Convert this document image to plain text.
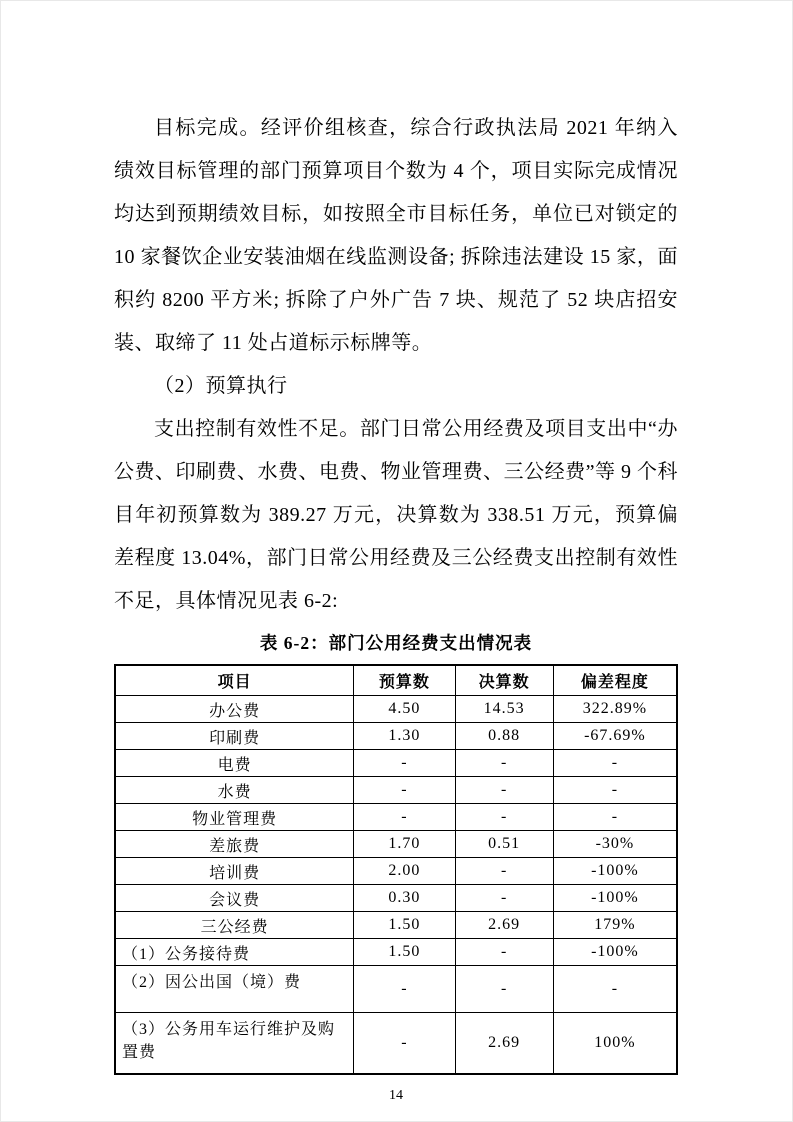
目标完成。经评价组核查，综合行政执法局 2021 年纳入绩效目标管理的部门预算项目个数为 4 个，项目实际完成情况均达到预期绩效目标，如按照全市目标任务，单位已对锁定的 10 家餐饮企业安装油烟在线监测设备; 拆除违法建设 15 家，面积约 8200 平方米; 拆除了户外广告 7 块、规范了 52 块店招安装、取缔了 11 处占道标示标牌等。

（2）预算执行

支出控制有效性不足。部门日常公用经费及项目支出中“办公费、印刷费、水费、电费、物业管理费、三公经费”等 9 个科目年初预算数为 389.27 万元，决算数为 338.51 万元，预算偏差程度 13.04%，部门日常公用经费及三公经费支出控制有效性不足，具体情况见表 6-2:

表 6-2：部门公用经费支出情况表
项目	预算数	决算数	偏差程度
办公费	4.50	14.53	322.89%
印刷费	1.30	0.88	-67.69%
电费	-	-	-
水费	-	-	-
物业管理费	-	-	-
差旅费	1.70	0.51	-30%
培训费	2.00	-	-100%
会议费	0.30	-	-100%
三公经费	1.50	2.69	179%
（1）公务接待费	1.50	-	-100%
（2）因公出国（境）费	-	-	-
（3）公务用车运行维护及购置费	-	2.69	100%
14
